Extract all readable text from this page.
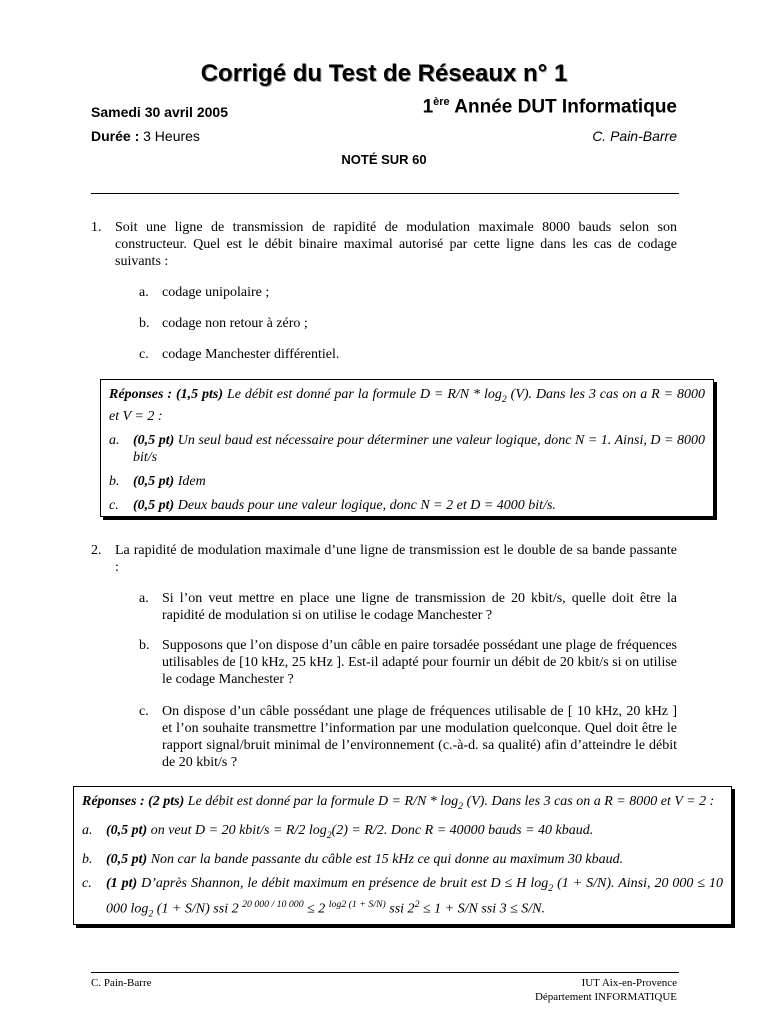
Corrigé du Test de Réseaux n° 1
Samedi 30 avril 2005	1ère Année DUT Informatique
Durée : 3 Heures	C. Pain-Barre
NOTÉ SUR 60
1. Soit une ligne de transmission de rapidité de modulation maximale 8000 bauds selon son constructeur. Quel est le débit binaire maximal autorisé par cette ligne dans les cas de codage suivants :
a. codage unipolaire ;
b. codage non retour à zéro ;
c. codage Manchester différentiel.

Réponses : (1,5 pts) Le débit est donné par la formule $D = R/N * \log_2 (V)$. Dans les 3 cas on a R = 8000 et V = 2 :

a. (0,5 pt) Un seul baud est nécessaire pour déterminer une valeur logique, donc N = 1. Ainsi, D = 8000 bit/s
b. (0,5 pt) Idem
c.	(0,5 pt) Deux bauds pour une valeur logique, donc N = 2 et D = 4000 bit/s.
2. La rapidité de modulation maximale d’une ligne de transmission est le double de sa bande passante :
a. Si l’on veut mettre en place une ligne de transmission de 20 kbit/s, quelle doit être la rapidité de modulation si on utilise le codage Manchester ?
b. Supposons que l’on dispose d’un câble en paire torsadée possédant une plage de fréquences utilisables de [10 kHz, 25 kHz ]. Est-il adapté pour fournir un débit de 20 kbit/s si on utilise le codage Manchester ?
c. On dispose d’un câble possédant une plage de fréquences utilisable de [ 10 kHz, 20 kHz ] et l’on souhaite transmettre l’information par une modulation quelconque. Quel doit être le rapport signal/bruit minimal de l’environnement (c.-à-d. sa qualité) afin d’atteindre le débit de 20 kbit/s ?

Réponses : (2 pts) Le débit est donné par la formule $D = R/N * \log_2 (V)$. Dans les 3 cas on a R = 8000 et V = 2 :

a. (0,5 pt) on veut D = 20 kbit/s = R/2 $\log_2(2) = R/2$. Donc R = 40000 bauds = 40 kbaud.
b. (0,5 pt) Non car la bande passante du câble est 15 kHz ce qui donne au maximum 30 kbaud.
c.	(1 pt) D’après Shannon, le débit maximum en présence de bruit est D ≤ H $\log_2 (1 + S/N)$. Ainsi, 20 000 ≤ 10 000 $\log_2 (1 + S/N)$ ssi 2 $^{20 000 / 10 000}$ ≤ 2 $^{log2 (1 + S/N)}$ ssi $2^2 \le 1 + S/N$ ssi 3 ≤ S/N.
C. Pain-Barre	IUT Aix-en-Provence
Département INFORMATIQUE
